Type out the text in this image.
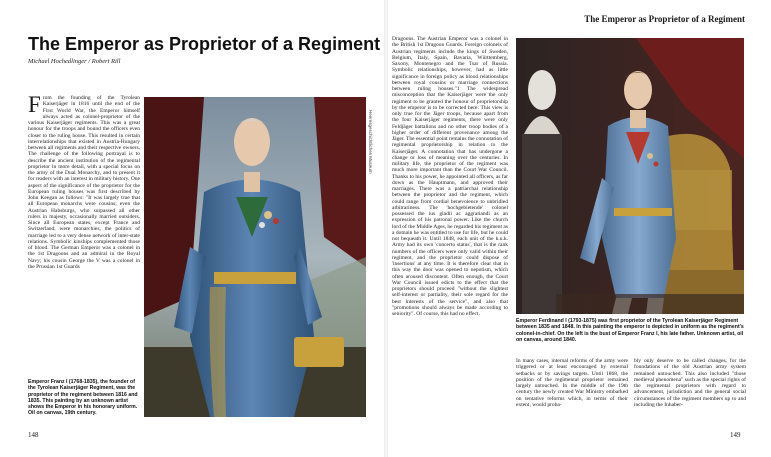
The Emperor as Proprietor of a Regiment
The Emperor as Proprietor of a Regiment
Michael Hochedlinger / Robert Rill

From the founding of the Tyrolean Kaiserjäger in 1816 until the end of the First World War, the Emperor himself always acted as colonel-proprietor of the various Kaiserjäger regiments. This was a great honour for the troops and bound the officers even closer to the ruling house. This resulted in certain interrelationships that existed in Austria-Hungary between all regiments and their respective owners. The challenge of the following portrayal is to describe the ancient institution of the regimental proprietor in more detail, with a special focus on the army of the Dual Monarchy, and to present it for readers with an interest in military history. One aspect of the significance of the proprietor for the European ruling houses was first described by John Keegan as follows: "It was largely true that all European monarchs were cousins; even the Austrian Habsburgs, who surpassed all other rulers in majesty, occasionally married outsiders. Since all European states, except France and Switzerland, were monarchies, the politics of marriage led to a very dense network of inter-state relations. Symbolic kinships complemented those of blood. The German Emperor was a colonel in the 1st Dragoons and an admiral in the Royal Navy; his cousin George the V was a colonel in the Prussian 1st Guards

Heeresgeschichtliches Museum
Emperor Franz I (1768-1835), the founder of the Tyrolean Kaiserjäger Regiment, was the proprietor of the regiment between 1816 and 1835. This painting by an unknown artist shows the Emperor in his honorary uniform. Oil on canvas, 19th century.
148

Dragoons. The Austrian Emperor was a colonel in the British 1st Dragoon Guards. Foreign colonels of Austrian regiments include the kings of Sweden, Belgium, Italy, Spain, Bavaria, Württemberg, Saxony, Montenegro and the Tsar of Russia. Symbolic relationships, however, had as little significance in foreign policy as blood relationships between royal cousins or marriage connections between ruling houses."1 The widespread misconception that the Kaiserjäger were the only regiment to be granted the honour of proprietorship by the emperor is to be corrected here. This view is only true for the Jäger troops, because apart from the four Kaiserjäger regiments, there were only Feldjäger battalions and no other troop bodies of a higher order of different provenance among the Jäger. The essential point remains the connotation of regimental proprietorship in relation to the Kaiserjäger. A connotation that has undergone a change or loss of meaning over the centuries. In military life, the proprietor of the regiment was much more important than the Court War Council. Thanks to his power, he appointed all officers, as far down as the Hauptmann, and approved their marriages. There was a patriarchal relationship between the proprietor and the regiment, which could range from cordial benevolence to unbridled arbitrariness. The 'hochgebietende' colonel possessed the ius gladii ac aggratiandi as an expression of his patronal power. Like the church lord of the Middle Ages, he regarded his regiment as a domain he was entitled to use for life, but he could not bequeath it. Until 1848, each unit of the k.u.k. Army had its own 'concerto status', that is the rank numbers of the officers were only valid within their regiment, and the proprietor could dispose of 'insertions' at any time. It is therefore clear that in this way the door was opened to nepotism, which often aroused discontent. Often enough, the Court War Council issued edicts to the effect that the proprietors should proceed "without the slightest self-interest or partiality, their sole regard for the best interests of the service", and also that "promotions should always be made according to seniority". Of course, this had no effect.

Emperor Ferdinand I (1793-1875) was first proprietor of the Tyrolean Kaiserjäger Regiment between 1835 and 1848. In this painting the emperor is depicted in uniform as the regiment's colonel-in-chief. On the left is the bust of Emperor Franz I, his late father. Unknown artist, oil on canvas, around 1840.

In many cases, internal reforms of the army were triggered or at least encouraged by external setbacks or by savings targets. Until 1868, the position of the regimental proprietor remained largely untouched. In the middle of the 19th century the newly created War Ministry embarked on tentative reforms which, in terms of their extent, would proba-

bly only deserve to be called changes, for the foundations of the old Austrian army system remained untouched. This also included "those medieval phenomena" such as the special rights of the regimental proprietors with regard to advancement, jurisdiction and the general social circumstances of the regiment members up to and including the Inhaber-

149
